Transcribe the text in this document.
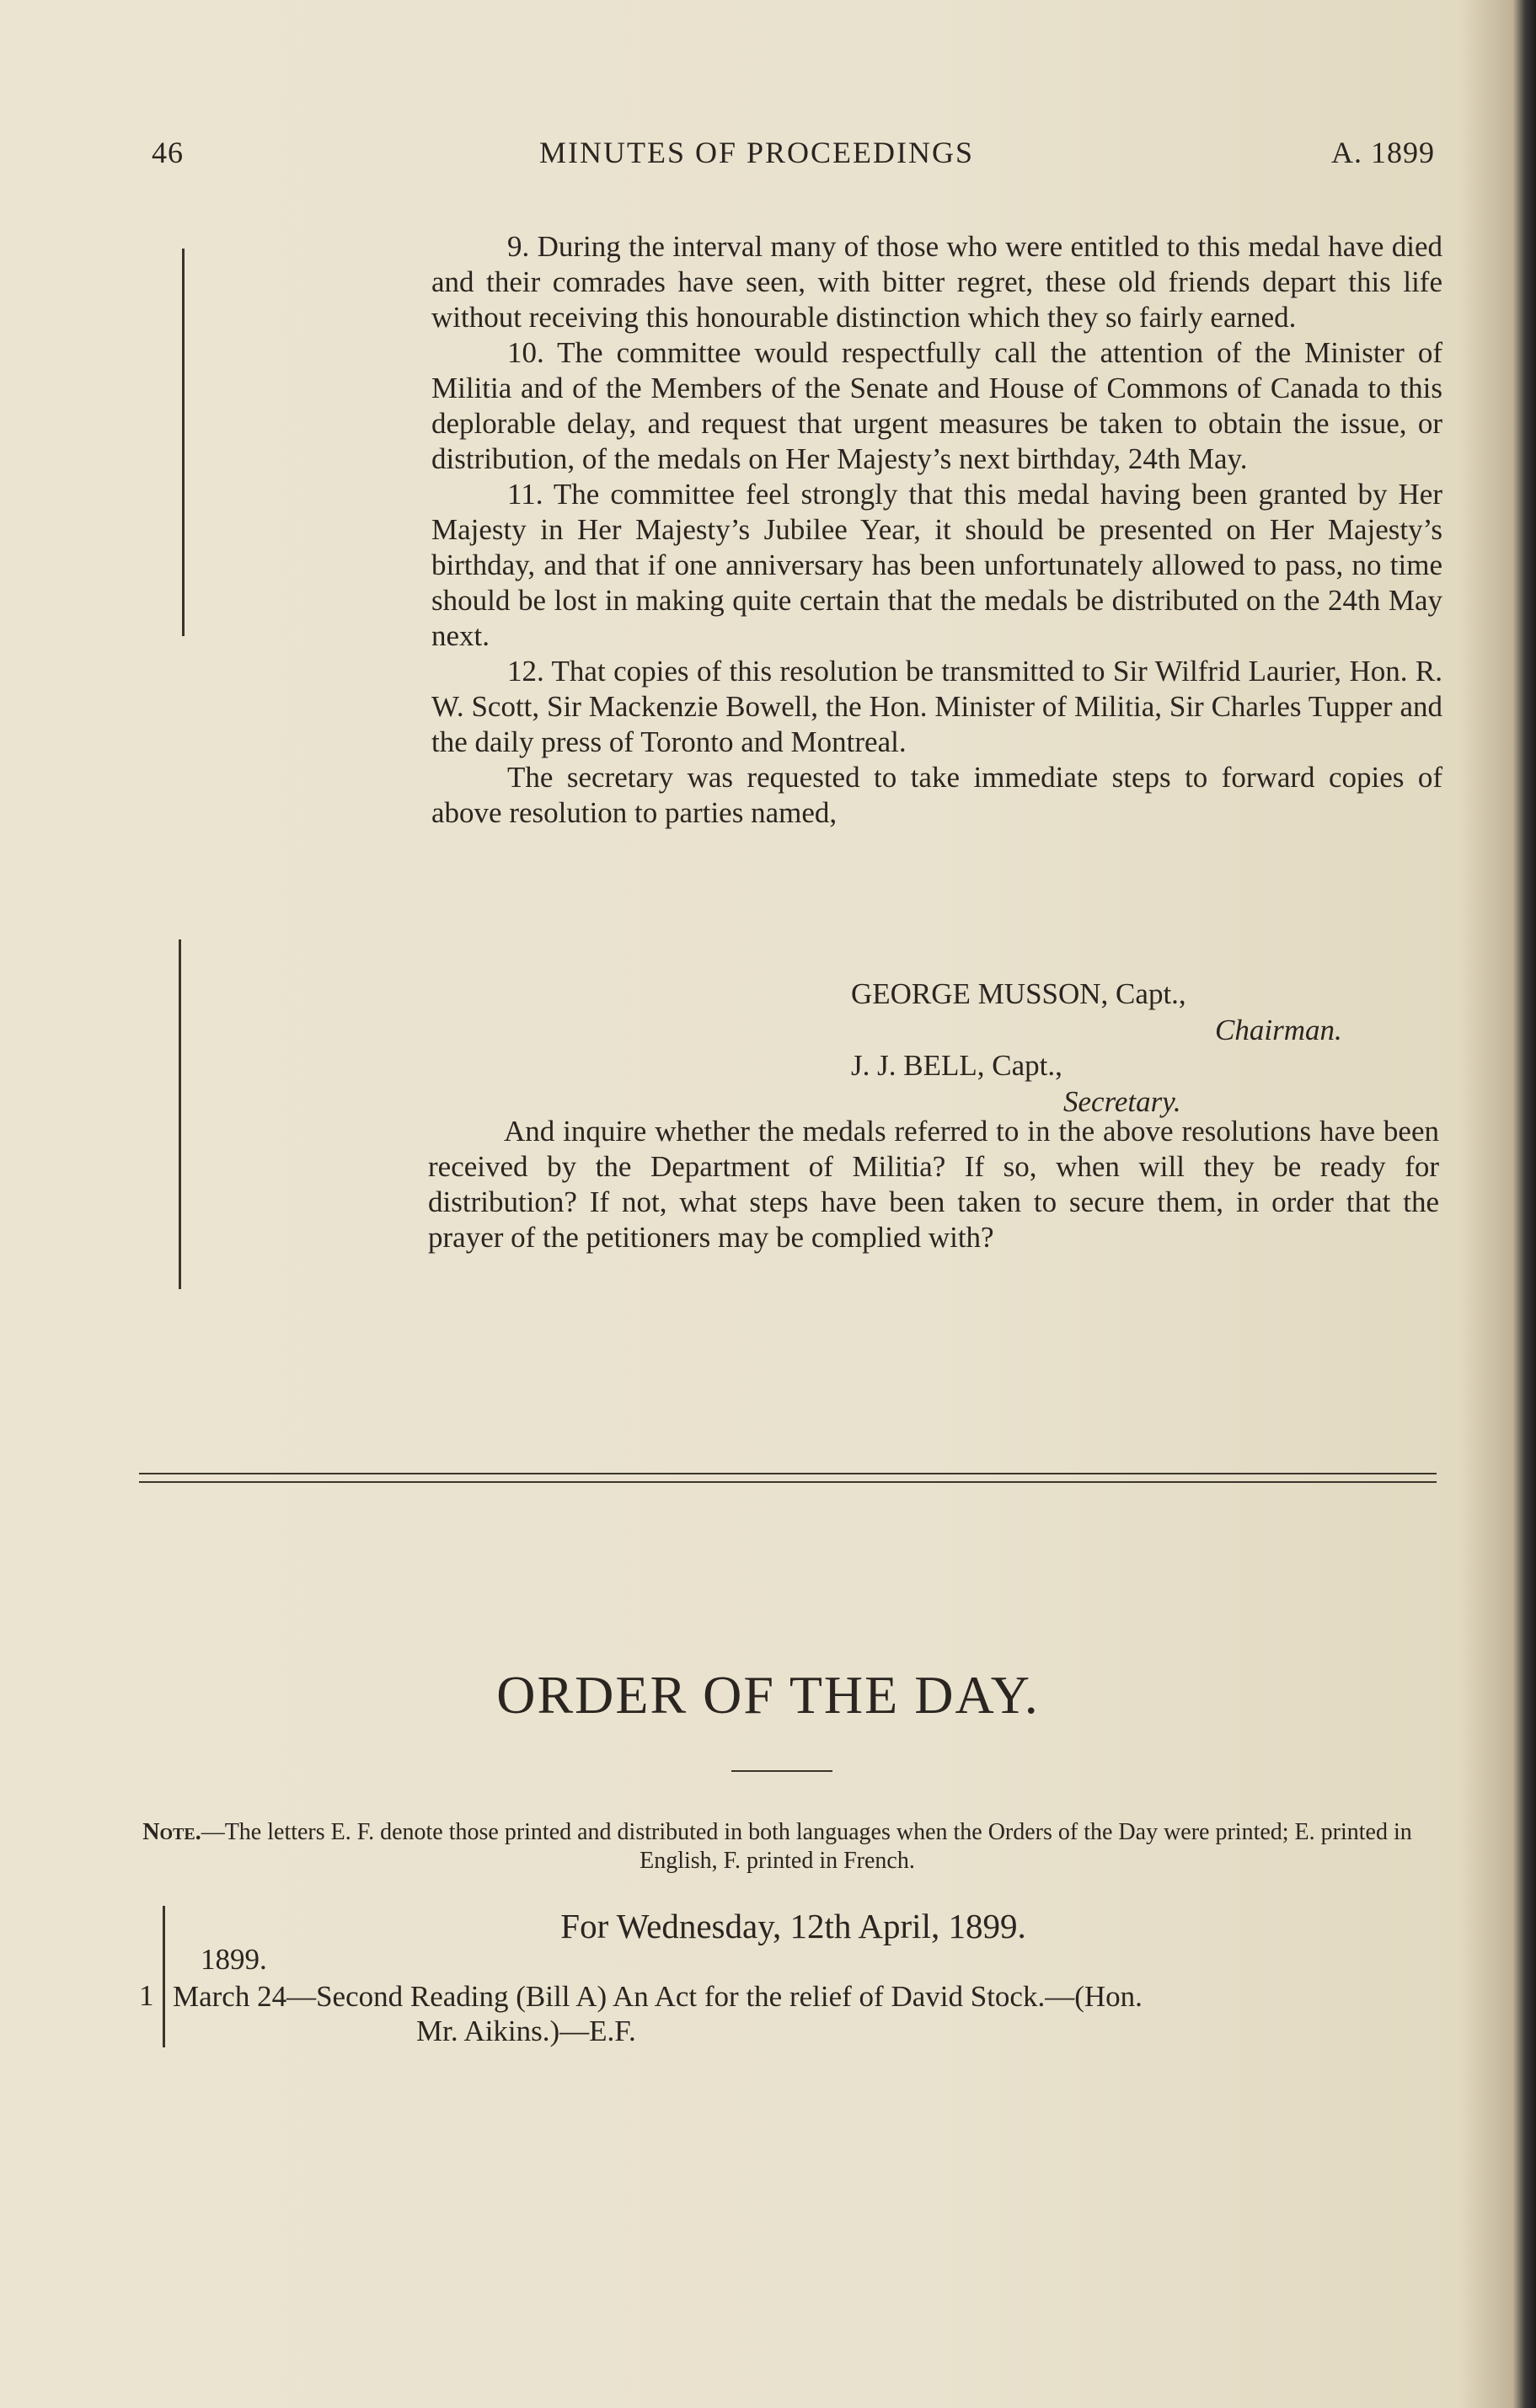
46	MINUTES OF PROCEEDINGS	A. 1899

9. During the interval many of those who were entitled to this medal have died and their comrades have seen, with bitter regret, these old friends depart this life without receiving this honourable distinction which they so fairly earned.

10. The committee would respectfully call the attention of the Minister of Militia and of the Members of the Senate and House of Commons of Canada to this deplorable delay, and request that urgent measures be taken to obtain the issue, or distribution, of the medals on Her Majesty’s next birthday, 24th May.

11. The committee feel strongly that this medal having been granted by Her Majesty in Her Majesty’s Jubilee Year, it should be presented on Her Majesty’s birthday, and that if one anniversary has been unfortunately allowed to pass, no time should be lost in making quite certain that the medals be distributed on the 24th May next.

12. That copies of this resolution be transmitted to Sir Wilfrid Laurier, Hon. R. W. Scott, Sir Mackenzie Bowell, the Hon. Minister of Militia, Sir Charles Tupper and the daily press of Toronto and Montreal.

The secretary was requested to take immediate steps to forward copies of above resolution to parties named,

GEORGE MUSSON, Capt.,
Chairman.
J. J. BELL, Capt.,
Secretary.

And inquire whether the medals referred to in the above resolutions have been received by the Department of Militia? If so, when will they be ready for distribution? If not, what steps have been taken to secure them, in order that the prayer of the petitioners may be complied with?

ORDER OF THE DAY.
Note.—The letters E. F. denote those printed and distributed in both languages when the Orders of the Day were printed; E. printed in English, F. printed in French.
For Wednesday, 12th April, 1899.
1899.
1 March 24—Second Reading (Bill A) An Act for the relief of David Stock.—(Hon.
Mr. Aikins.)—E.F.
